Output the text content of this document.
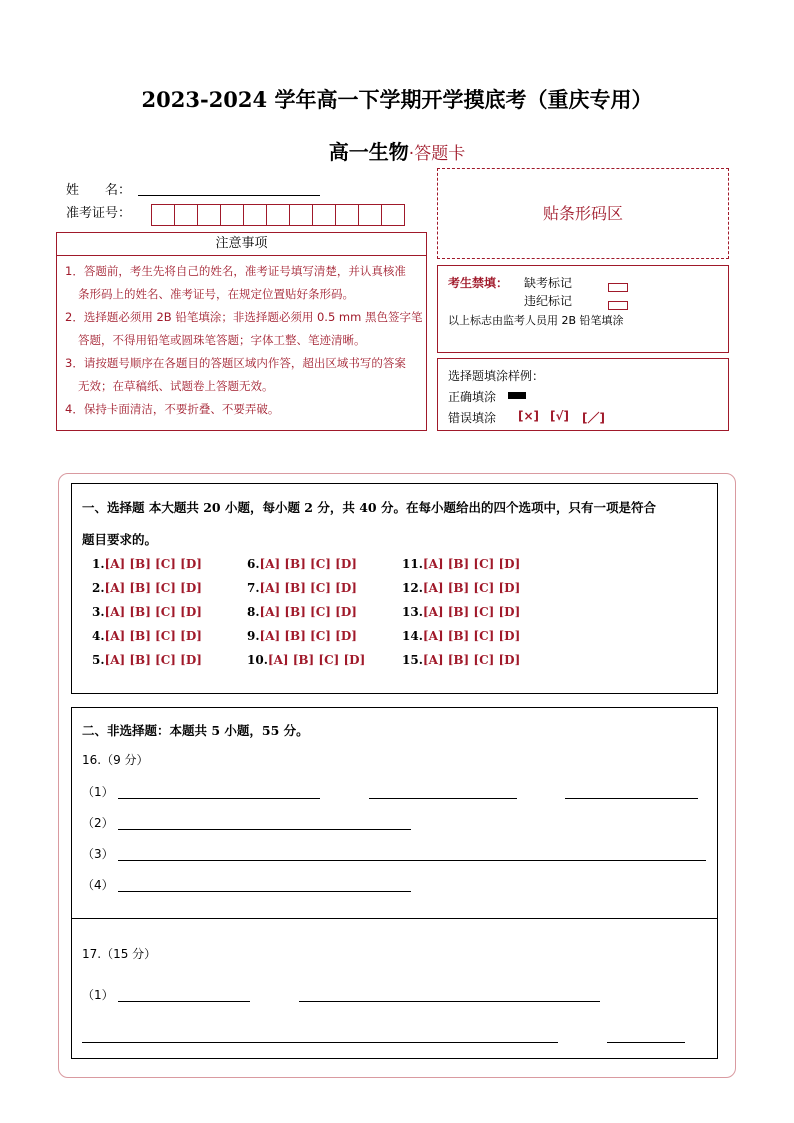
2023-2024 学年高一下学期开学摸底考（重庆专用）
高一生物·答题卡
姓　　名：
准考证号：	贴条形码区
注意事项
1．答题前，考生先将自己的姓名，准考证号填写清楚，并认真核准
条形码上的姓名、准考证号，在规定位置贴好条形码。
2．选择题必须用 2B 铅笔填涂；非选择题必须用 0.5 mm 黑色签字笔
答题，不得用铅笔或圆珠笔答题；字体工整、笔迹清晰。
3．请按题号顺序在各题目的答题区域内作答，超出区域书写的答案
无效；在草稿纸、试题卷上答题无效。
4．保持卡面清洁，不要折叠、不要弄破。
考生禁填： 缺考标记
违纪标记
以上标志由监考人员用 2B 铅笔填涂
选择题填涂样例：
正确填涂
错误填涂 [×] [√] [／]
一、选择题 本大题共 20 小题，每小题 2 分，共 40 分。在每小题给出的四个选项中，只有一项是符合
题目要求的。
1.[A] [B] [C] [D]
2.[A] [B] [C] [D]
3.[A] [B] [C] [D]
4.[A] [B] [C] [D]
5.[A] [B] [C] [D]
6.[A] [B] [C] [D]
7.[A] [B] [C] [D]
8.[A] [B] [C] [D]
9.[A] [B] [C] [D]
10.[A] [B] [C] [D]
11.[A] [B] [C] [D]
12.[A] [B] [C] [D]
13.[A] [B] [C] [D]
14.[A] [B] [C] [D]
15.[A] [B] [C] [D]
二、非选择题：本题共 5 小题，55 分。
16.（9 分）
（1）
（2）
（3）
（4）
17.（15 分）
（1）
